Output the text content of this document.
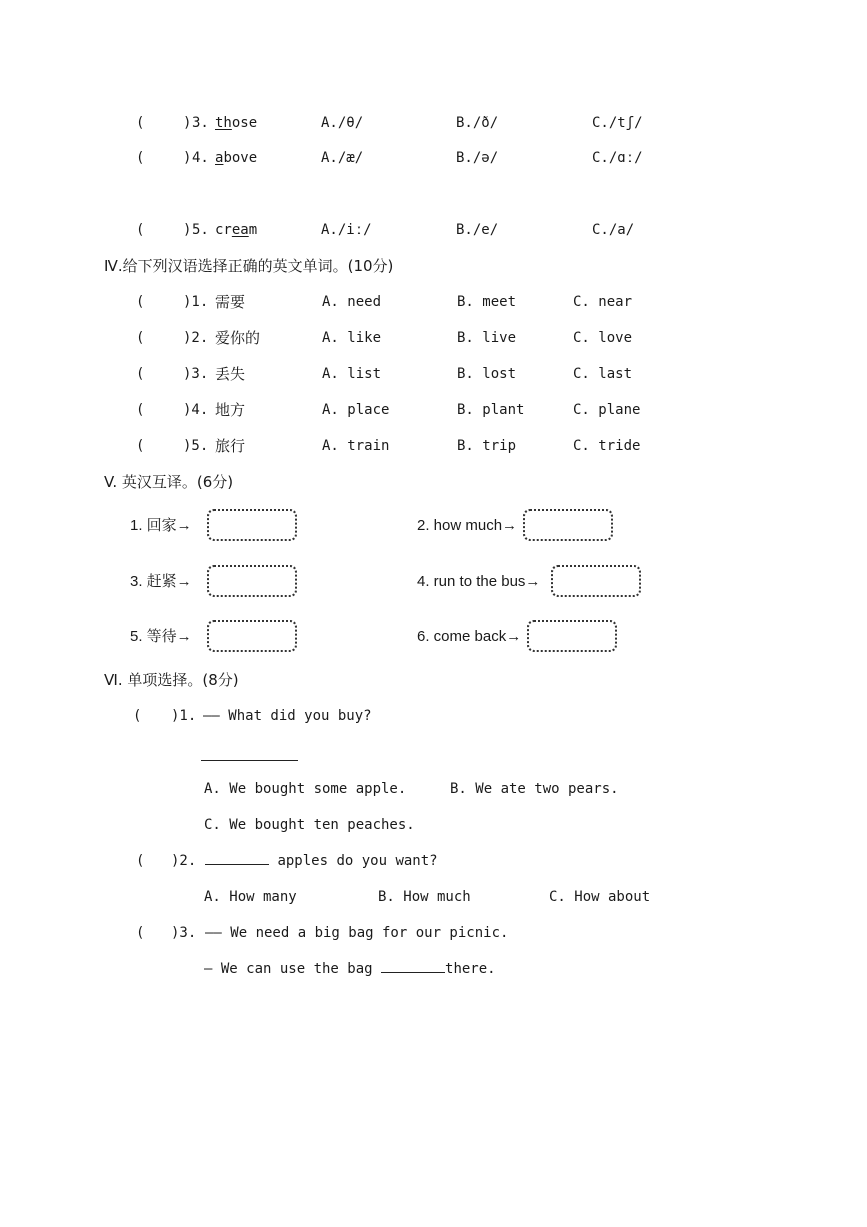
(	) 3. those	A./θ/	B./ð/	C./tʃ/
(	) 4. above	A./æ/	B./ə/	C./ɑː/
(	) 5. cream	A./iː/	B./e/	C./a/
Ⅳ.给下列汉语选择正确的英文单词。(10分)
(	)1. 需要	A. need	B. meet	C. near
(	)2. 爱你的	A. like	B. live	C. love
(	)3. 丢失	A. list	B. lost	C. last
(	)4. 地方	A. place	B. plant	C. plane
(	)5. 旅行	A. train	B. trip	C. tride
V. 英汉互译。(6分)
1. 回家→	2. how much→
3. 赶紧→	4. run to the bus→
5. 等待→	6. come back→
Ⅵ. 单项选择。(8分)
( )1. —— What did you buy?
A. We bought some apple.	B. We ate two pears.
C. We bought ten peaches.
( )2.	apples do you want?
A. How many	B. How much	C. How about
( )3. —— We need a big bag for our picnic.
— We can use the bag	there.
